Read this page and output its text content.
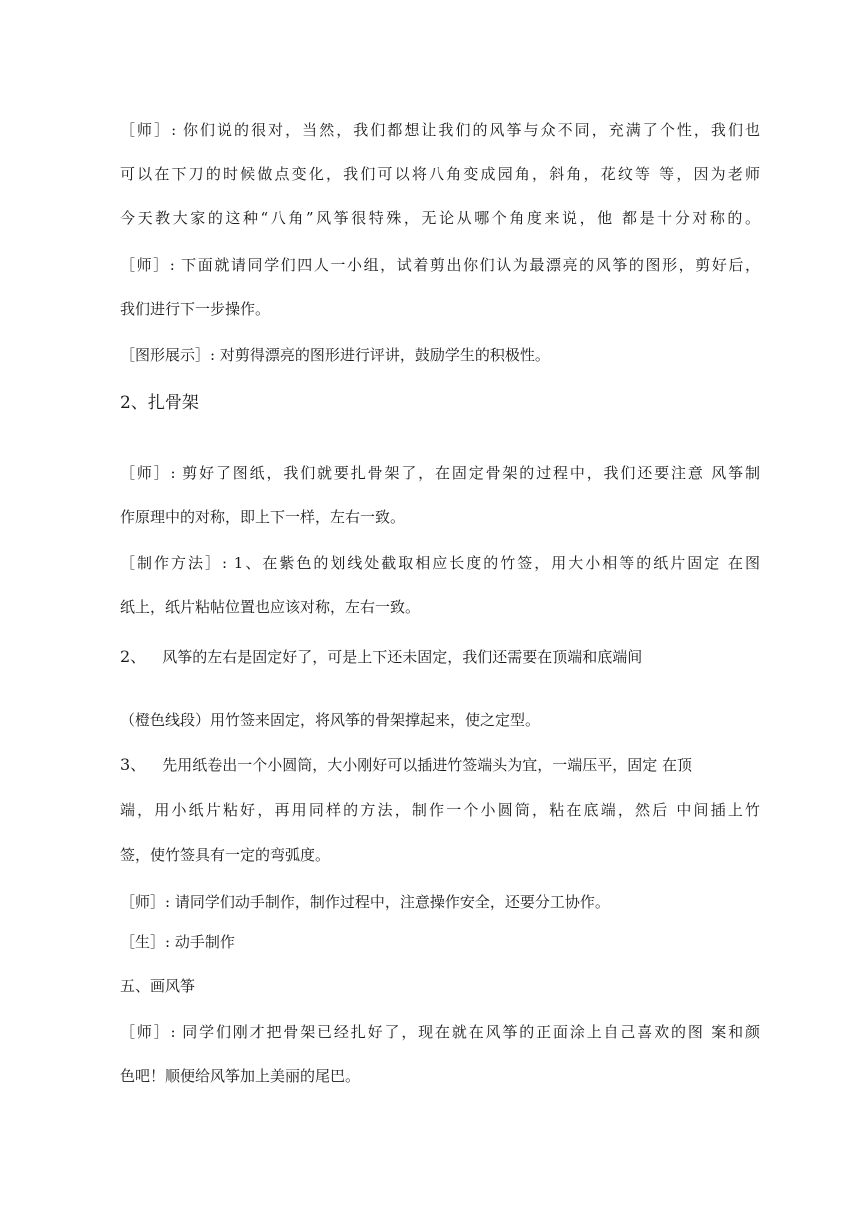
［师］: 你们说的很对，当然，我们都想让我们的风筝与众不同，充满了个性，我们也
可以在下刀的时候做点变化，我们可以将八角变成园角，斜角，花纹等 等，因为老师
今天教大家的这种“八角”风筝很特殊，无论从哪个角度来说，他 都是十分对称的。
［师］: 下面就请同学们四人一小组，试着剪出你们认为最漂亮的风筝的图形，剪好后，
我们进行下一步操作。
［图形展示］: 对剪得漂亮的图形进行评讲，鼓励学生的积极性。
2、扎骨架
［师］: 剪好了图纸，我们就要扎骨架了，在固定骨架的过程中，我们还要注意 风筝制
作原理中的对称，即上下一样，左右一致。
［制作方法］: 1、在紫色的划线处截取相应长度的竹签，用大小相等的纸片固定 在图
纸上，纸片粘帖位置也应该对称，左右一致。
2、 风筝的左右是固定好了，可是上下还未固定，我们还需要在顶端和底端间
（橙色线段）用竹签来固定，将风筝的骨架撑起来，使之定型。
3、 先用纸卷出一个小圆筒，大小刚好可以插进竹签端头为宜，一端压平，固定 在顶
端，用小纸片粘好，再用同样的方法，制作一个小圆筒，粘在底端，然后 中间插上竹
签，使竹签具有一定的弯弧度。
［师］: 请同学们动手制作，制作过程中，注意操作安全，还要分工协作。
［生］: 动手制作
五、画风筝
［师］: 同学们刚才把骨架已经扎好了，现在就在风筝的正面涂上自己喜欢的图 案和颜
色吧！顺便给风筝加上美丽的尾巴。
